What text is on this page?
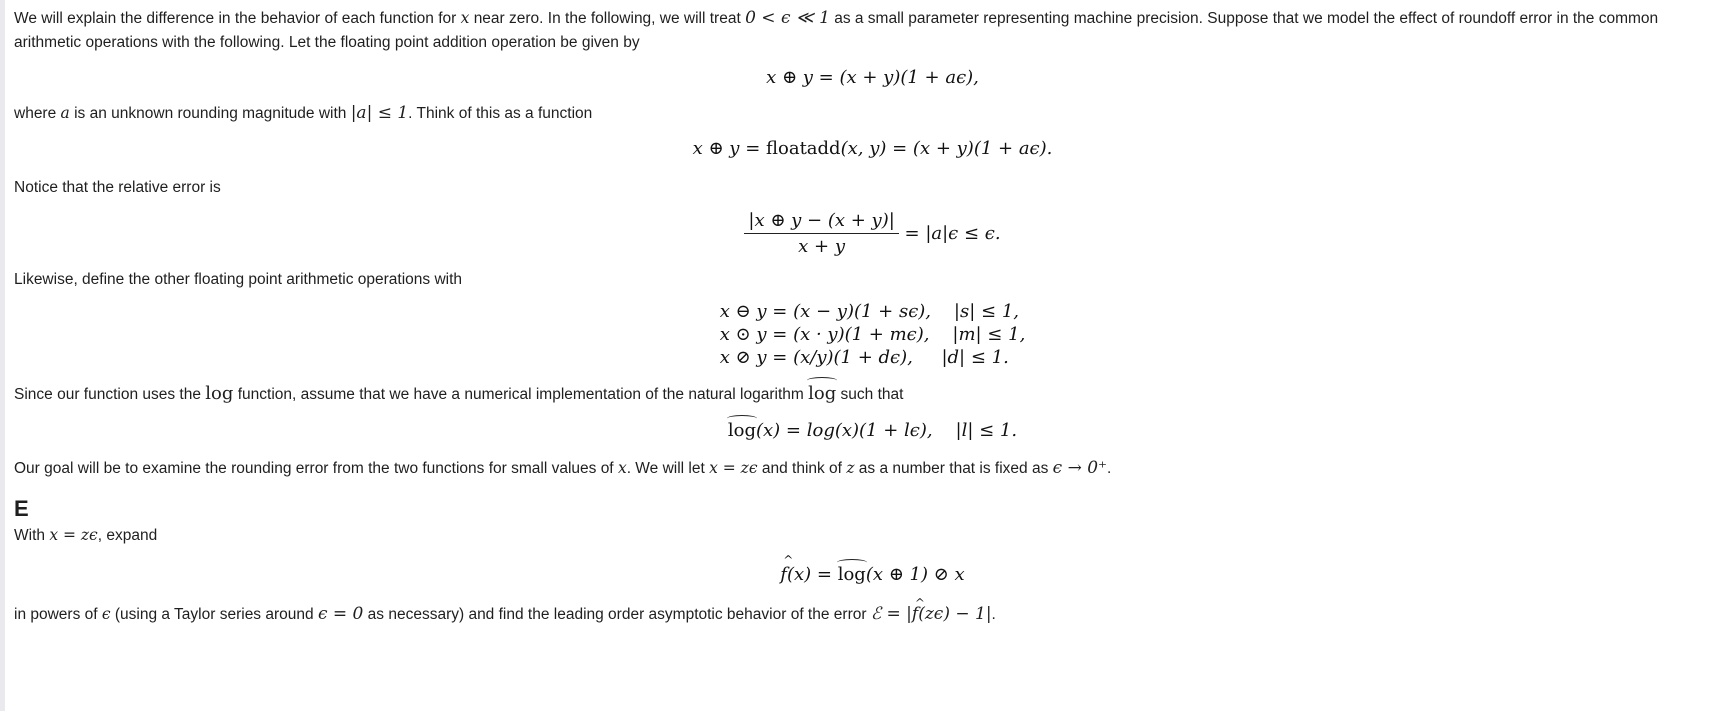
We will explain the difference in the behavior of each function for x near zero. In the following, we will treat 0 < ϵ ≪ 1 as a small parameter representing machine precision. Suppose that we model the effect of roundoff error in the common arithmetic operations with the following. Let the floating point addition operation be given by

x ⊕ y = (x + y)(1 + aϵ),

where a is an unknown rounding magnitude with |a| ≤ 1. Think of this as a function

x ⊕ y = floatadd(x, y) = (x + y)(1 + aϵ).

Notice that the relative error is

$\frac{|x \oplus y - (x + y)|}{x + y} = |a|\epsilon \le \epsilon$.

Likewise, define the other floating point arithmetic operations with

x ⊖ y = (x − y)(1 + sϵ), |s| ≤ 1,
x ⊙ y = (x · y)(1 + mϵ), |m| ≤ 1,
x ⊘ y = (x/y)(1 + dϵ), |d| ≤ 1.

Since our function uses the log function, assume that we have a numerical implementation of the natural logarithm log such that

log(x) = log(x)(1 + lϵ), |l| ≤ 1.

Our goal will be to examine the rounding error from the two functions for small values of x. We will let x = zϵ and think of z as a number that is fixed as ϵ → 0⁺.

E

With x = zϵ, expand

^ f(x) = log(x ⊕ 1) ⊘ x

in powers of ϵ (using a Taylor series around ϵ = 0 as necessary) and find the leading order asymptotic behavior of the error ℰ = |^ f(zϵ) − 1|.
